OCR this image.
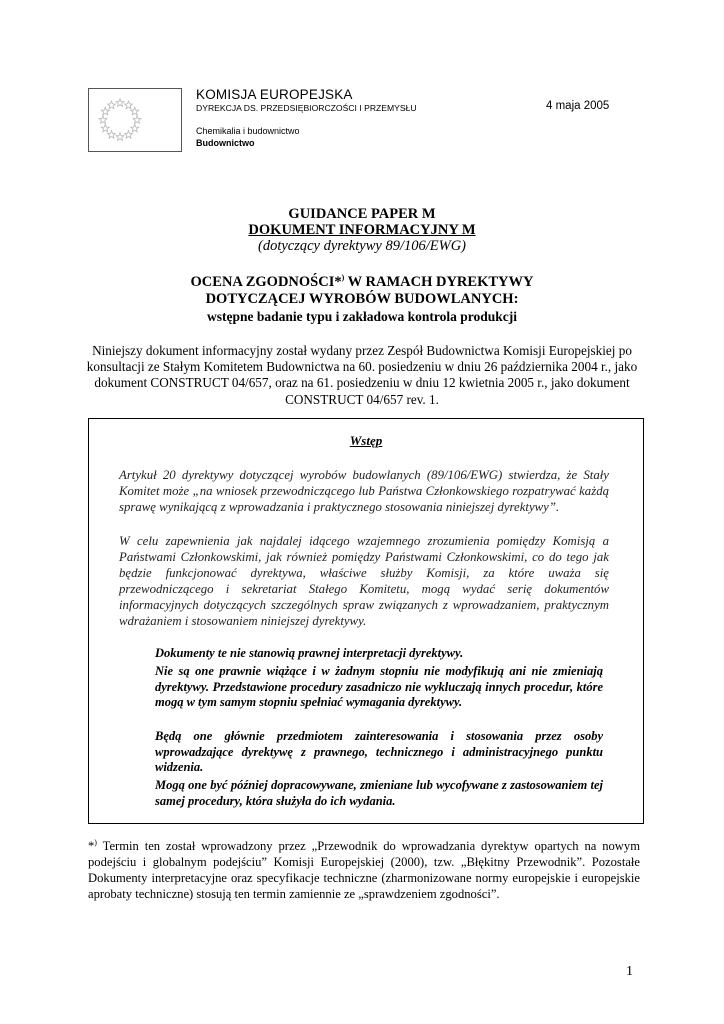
KOMISJA EUROPEJSKA
DYREKCJA DS. PRZEDSIĘBIORCZOŚCI I PRZEMYSŁU	4 maja 2005
Chemikalia i budownictwo
Budownictwo
GUIDANCE PAPER M
DOKUMENT INFORMACYJNY M
(dotyczący dyrektywy 89/106/EWG)
OCENA ZGODNOŚCI*) W RAMACH DYREKTYWY
DOTYCZĄCEJ WYROBÓW BUDOWLANYCH:
wstępne badanie typu i zakładowa kontrola produkcji
Niniejszy dokument informacyjny został wydany przez Zespół Budownictwa Komisji Europejskiej po konsultacji ze Stałym Komitetem Budownictwa na 60. posiedzeniu w dniu 26 października 2004 r., jako dokument CONSTRUCT 04/657, oraz na 61. posiedzeniu w dniu 12 kwietnia 2005 r., jako dokument CONSTRUCT 04/657 rev. 1.
Wstęp

Artykuł 20 dyrektywy dotyczącej wyrobów budowlanych (89/106/EWG) stwierdza, że Stały Komitet może „na wniosek przewodniczącego lub Państwa Członkowskiego rozpatrywać każdą sprawę wynikającą z wprowadzania i praktycznego stosowania niniejszej dyrektywy”.

W celu zapewnienia jak najdalej idącego wzajemnego zrozumienia pomiędzy Komisją a Państwami Członkowskimi, jak również pomiędzy Państwami Członkowskimi, co do tego jak będzie funkcjonować dyrektywa, właściwe służby Komisji, za które uważa się przewodniczącego i sekretariat Stałego Komitetu, mogą wydać serię dokumentów informacyjnych dotyczących szczególnych spraw związanych z wprowadzaniem, praktycznym wdrażaniem i stosowaniem niniejszej dyrektywy.

Dokumenty te nie stanowią prawnej interpretacji dyrektywy.

Nie są one prawnie wiążące i w żadnym stopniu nie modyfikują ani nie zmieniają dyrektywy. Przedstawione procedury zasadniczo nie wykluczają innych procedur, które mogą w tym samym stopniu spełniać wymagania dyrektywy.

Będą one głównie przedmiotem zainteresowania i stosowania przez osoby wprowadzające dyrektywę z prawnego, technicznego i administracyjnego punktu widzenia.

Mogą one być później dopracowywane, zmieniane lub wycofywane z zastosowaniem tej samej procedury, która służyła do ich wydania.

*) Termin ten został wprowadzony przez „Przewodnik do wprowadzania dyrektyw opartych na nowym podejściu i globalnym podejściu” Komisji Europejskiej (2000), tzw. „Błękitny Przewodnik”. Pozostałe Dokumenty interpretacyjne oraz specyfikacje techniczne (zharmonizowane normy europejskie i europejskie aprobaty techniczne) stosują ten termin zamiennie ze „sprawdzeniem zgodności”.

1
